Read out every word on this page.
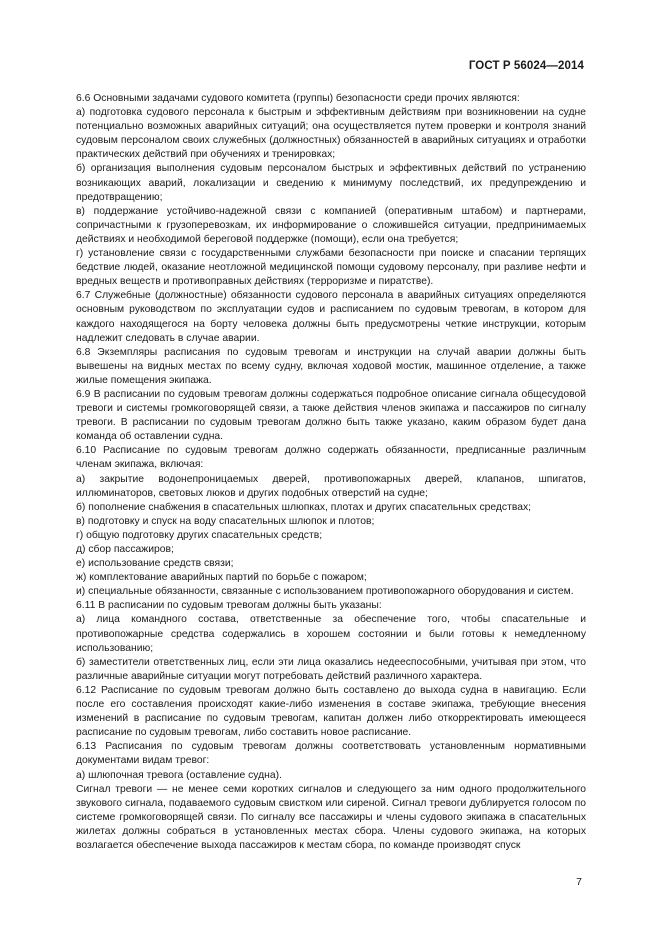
ГОСТ Р 56024—2014

6.6 Основными задачами судового комитета (группы) безопасности среди прочих являются:

а) подготовка судового персонала к быстрым и эффективным действиям при возникновении на судне потенциально возможных аварийных ситуаций; она осуществляется путем проверки и контроля знаний судовым персоналом своих служебных (должностных) обязанностей в аварийных ситуациях и отработки практических действий при обучениях и тренировках;

б) организация выполнения судовым персоналом быстрых и эффективных действий по устранению возникающих аварий, локализации и сведению к минимуму последствий, их предупреждению и предотвращению;

в) поддержание устойчиво-надежной связи с компанией (оперативным штабом) и партнерами, сопричастными к грузоперевозкам, их информирование о сложившейся ситуации, предпринимаемых действиях и необходимой береговой поддержке (помощи), если она требуется;

г) установление связи с государственными службами безопасности при поиске и спасании терпящих бедствие людей, оказание неотложной медицинской помощи судовому персоналу, при разливе нефти и вредных веществ и противоправных действиях (терроризме и пиратстве).

6.7 Служебные (должностные) обязанности судового персонала в аварийных ситуациях определяются основным руководством по эксплуатации судов и расписанием по судовым тревогам, в котором для каждого находящегося на борту человека должны быть предусмотрены четкие инструкции, которым надлежит следовать в случае аварии.

6.8 Экземпляры расписания по судовым тревогам и инструкции на случай аварии должны быть вывешены на видных местах по всему судну, включая ходовой мостик, машинное отделение, а также жилые помещения экипажа.

6.9 В расписании по судовым тревогам должны содержаться подробное описание сигнала общесудовой тревоги и системы громкоговорящей связи, а также действия членов экипажа и пассажиров по сигналу тревоги. В расписании по судовым тревогам должно быть также указано, каким образом будет дана команда об оставлении судна.

6.10 Расписание по судовым тревогам должно содержать обязанности, предписанные различным членам экипажа, включая:

а) закрытие водонепроницаемых дверей, противопожарных дверей, клапанов, шпигатов, иллюминаторов, световых люков и других подобных отверстий на судне;

б) пополнение снабжения в спасательных шлюпках, плотах и других спасательных средствах;

в) подготовку и спуск на воду спасательных шлюпок и плотов;

г) общую подготовку других спасательных средств;

д) сбор пассажиров;

е) использование средств связи;

ж) комплектование аварийных партий по борьбе с пожаром;

и) специальные обязанности, связанные с использованием противопожарного оборудования и систем.

6.11 В расписании по судовым тревогам должны быть указаны:

а) лица командного состава, ответственные за обеспечение того, чтобы спасательные и противопожарные средства содержались в хорошем состоянии и были готовы к немедленному использованию;

б) заместители ответственных лиц, если эти лица оказались недееспособными, учитывая при этом, что различные аварийные ситуации могут потребовать действий различного характера.

6.12 Расписание по судовым тревогам должно быть составлено до выхода судна в навигацию. Если после его составления происходят какие-либо изменения в составе экипажа, требующие внесения изменений в расписание по судовым тревогам, капитан должен либо откорректировать имеющееся расписание по судовым тревогам, либо составить новое расписание.

6.13 Расписания по судовым тревогам должны соответствовать установленным нормативными документами видам тревог:

а) шлюпочная тревога (оставление судна).

Сигнал тревоги — не менее семи коротких сигналов и следующего за ним одного продолжительного звукового сигнала, подаваемого судовым свистком или сиреной. Сигнал тревоги дублируется голосом по системе громкоговорящей связи. По сигналу все пассажиры и члены судового экипажа в спасательных жилетах должны собраться в установленных местах сбора. Члены судового экипажа, на которых возлагается обеспечение выхода пассажиров к местам сбора, по команде производят спуск

7
